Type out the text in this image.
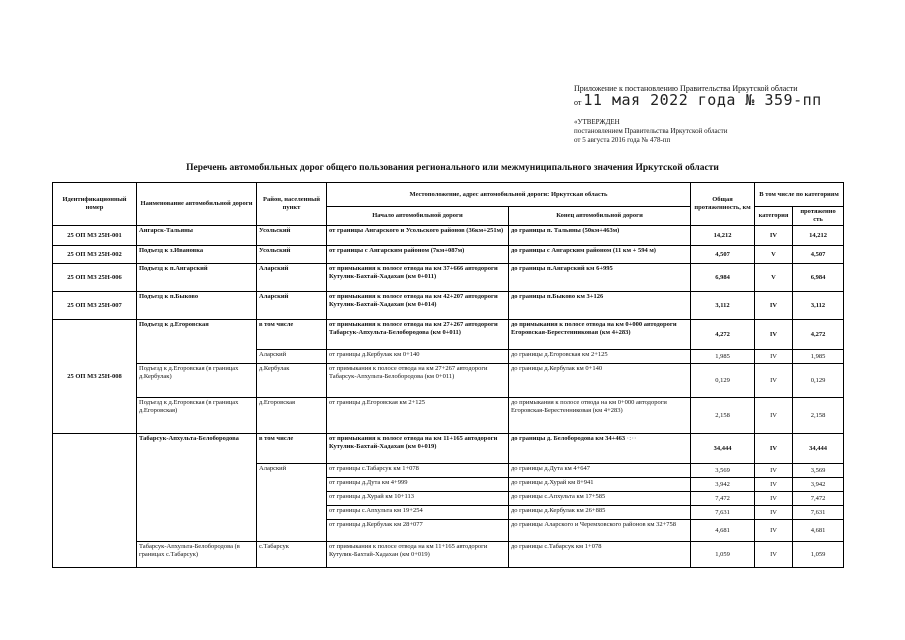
Приложение к постановлению Правительства Иркутской области
от 11 мая 2022 года № 359-пп
«УТВЕРЖДЕН
постановлением Правительства Иркутской области
от 5 августа 2016 года № 478-пп
Перечень автомобильных дорог общего пользования регионального или межмуниципального значения Иркутской области
Идентификационный номер	Наименование автомобильной дороги	Район, населенный пункт	Местоположение, адрес автомобильной дороги: Иркутская область		Общая протяженность, км	В том числе по категориям	
			Начало автомобильной дороги	Конец автомобильной дороги		категория	протяженно сть
25 ОП МЗ 25Н-001	Ангарск-Тальяны	Усольский	от границы Ангарского и Усольского районов (36км+251м)	до границы п. Тальяны (50км+463м)	14,212	IV	14,212
25 ОП МЗ 25Н-002	Подъезд к з.Ивановка	Усольский	от границы с Ангарским районом (7км+087м)	до границы с Ангарским районом (11 км + 594 м)	4,507	V	4,507
25 ОП МЗ 25Н-006	Подъезд к п.Ангарский	Аларский	от примыкания к полосе отвода на км 37+666 автодороги Кутулик-Бахтай-Хадахан (км 0+011)	до границы п.Ангарский км 6+995	6,984	V	6,984
25 ОП МЗ 25Н-007	Подъезд к п.Быково	Аларский	от примыкания к полосе отвода на км 42+207 автодороги Кутулик-Бахтай-Хадахан (км 0+014)	до границы п.Быково км 3+126	3,112	IV	3,112
25 ОП МЗ 25Н-008	Подъезд к д.Егоровская	в том числе	от примыкания к полосе отвода на км 27+267 автодороги Табарсук-Апхульта-Белобородова (км 0+011)	до примыкания к полосе отвода на км 0+000 автодороги Егоровская-Берестенниковая (км 4+283)	4,272	IV	4,272
		Аларский	от границы д.Кербулак км 0+140	до границы д.Егоровская км 2+125	1,985	IV	1,985
	Подъезд к д.Егоровская (в границах д.Кербулак)	д.Кербулак	от примыкания к полосе отвода на км 27+267 автодороги Табарсук-Апхульта-Белобородова (км 0+011)	до границы д.Кербулак км 0+140	0,129	IV	0,129
	Подъезд к д.Егоровская (в границах д.Егоровская)	д.Егоровская	от границы д.Егоровская км 2+125	до примыкания к полосе отвода на км 0+000 автодороги Егоровская-Берестенниковая (км 4+283)	2,158	IV	2,158
	Табарсук-Апхульта-Белобородова	в том числе	от примыкания к полосе отвода на км 11+165 автодороги Кутулик-Бахтай-Хадахан (км 0+019)	до границы д. Белобородова км 34+463 · : · ·	34,444	IV	34,444
		Аларский	от границы с.Табарсук км 1+078	до границы д.Дута км 4+647	3,569	IV	3,569
			от границы д.Дута км 4+999	до границы д.Хурай км 8+941	3,942	IV	3,942
			от границы д.Хурай км 10+113	до границы с.Апхульта км 17+585	7,472	IV	7,472
			от границы с.Апхульта км 19+254	до границы д.Кербулак км 26+885	7,631	IV	7,631
			от границы д.Кербулак км 28+077	до границы Аларского и Черемховского районов км 32+758	4,681	IV	4,681
	Табарсук-Апхульта-Белобородова (в границах с.Табарсук)	с.Табарсук	от примыкания к полосе отвода на км 11+165 автодороги Кутулик-Бахтай-Хадахан (км 0+019)	до границы с.Табарсук км 1+078	1,059	IV	1,059
